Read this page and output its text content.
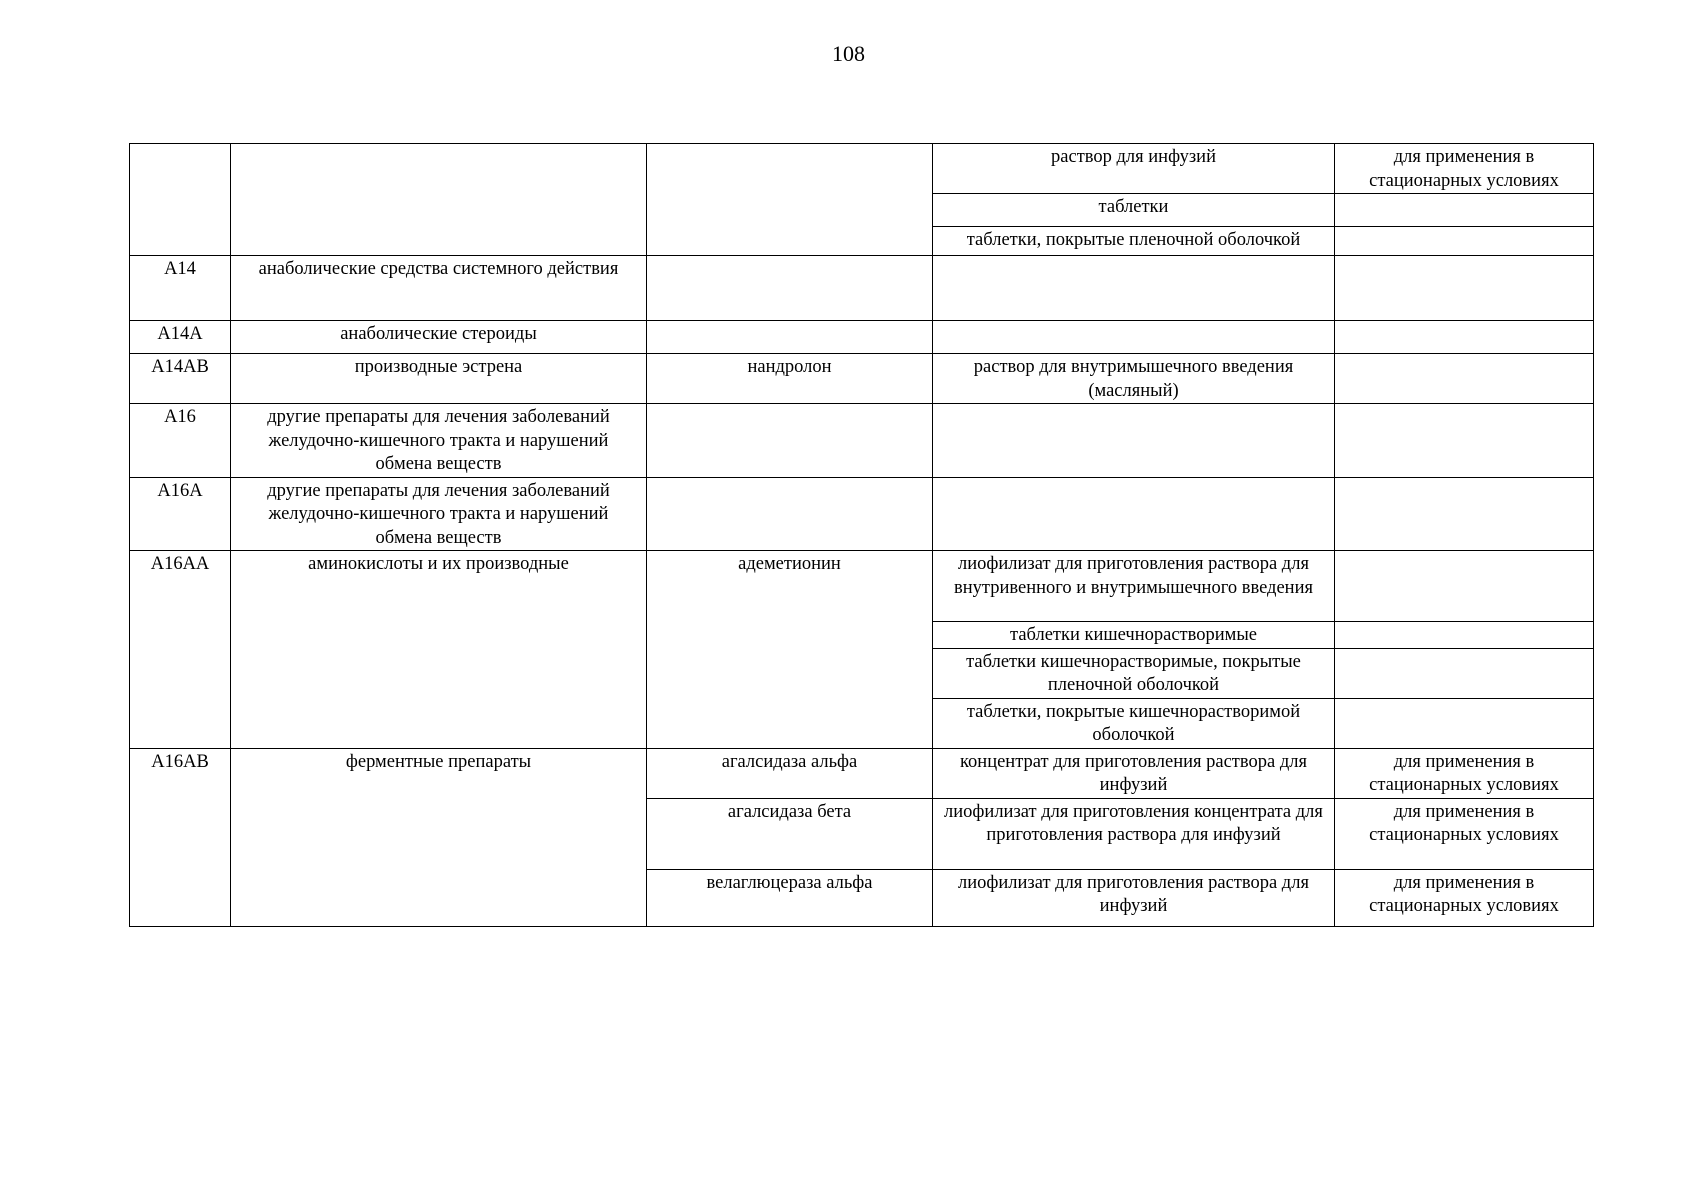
108

			раствор для инфузий	для применения в стационарных условиях

			таблетки	

			таблетки, покрытые пленочной оболочкой	

A14	анаболические средства системного действия			

A14A	анаболические стероиды			

A14AB	производные эстрена	нандролон	раствор для внутримышечного введения (масляный)	

A16	другие препараты для лечения заболеваний желудочно-кишечного тракта и нарушений обмена веществ			

A16A	другие препараты для лечения заболеваний желудочно-кишечного тракта и нарушений обмена веществ			

A16AA	аминокислоты и их производные	адеметионин	лиофилизат для приготовления раствора для внутривенного и внутримышечного введения	

			таблетки кишечнорастворимые	

			таблетки кишечнорастворимые, покрытые пленочной оболочкой	

			таблетки, покрытые кишечнорастворимой оболочкой	

A16AB	ферментные препараты	агалсидаза альфа	концентрат для приготовления раствора для инфузий	для применения в стационарных условиях

		агалсидаза бета	лиофилизат для приготовления концентрата для приготовления раствора для инфузий	для применения в стационарных условиях

		велаглюцераза альфа	лиофилизат для приготовления раствора для инфузий	для применения в стационарных условиях
